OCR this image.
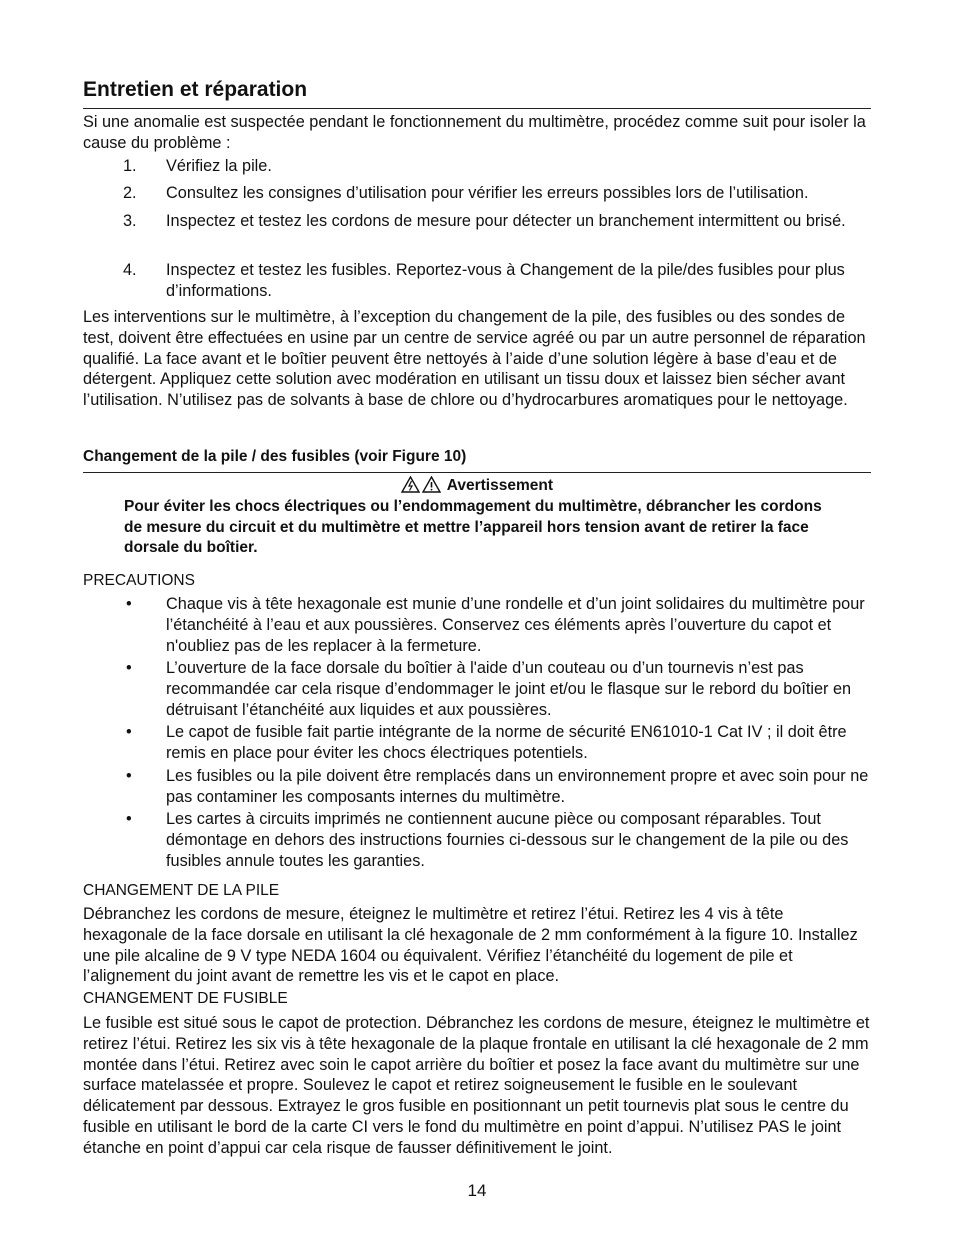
Entretien et réparation

Si une anomalie est suspectée pendant le fonctionnement du multimètre, procédez comme suit pour isoler la cause du problème :

1. Vérifiez la pile.
2. Consultez les consignes d’utilisation pour vérifier les erreurs possibles lors de l’utilisation.
3. Inspectez et testez les cordons de mesure pour détecter un branchement intermittent ou brisé.
4. Inspectez et testez les fusibles. Reportez-vous à Changement de la pile/des fusibles pour plus d’informations.

Les interventions sur le multimètre, à l’exception du changement de la pile, des fusibles ou des sondes de test, doivent être effectuées en usine par un centre de service agréé ou par un autre personnel de réparation qualifié. La face avant et le boîtier peuvent être nettoyés à l’aide d’une solution légère à base d’eau et de détergent. Appliquez cette solution avec modération en utilisant un tissu doux et laissez bien sécher avant l’utilisation. N’utilisez pas de solvants à base de chlore ou d’hydrocarbures aromatiques pour le nettoyage.

Changement de la pile / des fusibles (voir Figure 10)
Avertissement
Pour éviter les chocs électriques ou l’endommagement du multimètre, débrancher les cordons de mesure du circuit et du multimètre et mettre l’appareil hors tension avant de retirer la face dorsale du boîtier.
PRECAUTIONS
• Chaque vis à tête hexagonale est munie d’une rondelle et d’un joint solidaires du multimètre pour l’étanchéité à l’eau et aux poussières. Conservez ces éléments après l’ouverture du capot et n'oubliez pas de les replacer à la fermeture.
• L’ouverture de la face dorsale du boîtier à l'aide d’un couteau ou d’un tournevis n’est pas recommandée car cela risque d’endommager le joint et/ou le flasque sur le rebord du boîtier en détruisant l’étanchéité aux liquides et aux poussières.
• Le capot de fusible fait partie intégrante de la norme de sécurité EN61010-1 Cat IV ; il doit être remis en place pour éviter les chocs électriques potentiels.
• Les fusibles ou la pile doivent être remplacés dans un environnement propre et avec soin pour ne pas contaminer les composants internes du multimètre.
• Les cartes à circuits imprimés ne contiennent aucune pièce ou composant réparables. Tout démontage en dehors des instructions fournies ci-dessous sur le changement de la pile ou des fusibles annule toutes les garanties.
CHANGEMENT DE LA PILE

Débranchez les cordons de mesure, éteignez le multimètre et retirez l’étui. Retirez les 4 vis à tête hexagonale de la face dorsale en utilisant la clé hexagonale de 2 mm conformément à la figure 10. Installez une pile alcaline de 9 V type NEDA 1604 ou équivalent. Vérifiez l’étanchéité du logement de pile et l’alignement du joint avant de remettre les vis et le capot en place.

CHANGEMENT DE FUSIBLE

Le fusible est situé sous le capot de protection. Débranchez les cordons de mesure, éteignez le multimètre et retirez l’étui. Retirez les six vis à tête hexagonale de la plaque frontale en utilisant la clé hexagonale de 2 mm montée dans l’étui. Retirez avec soin le capot arrière du boîtier et posez la face avant du multimètre sur une surface matelassée et propre. Soulevez le capot et retirez soigneusement le fusible en le soulevant délicatement par dessous. Extrayez le gros fusible en positionnant un petit tournevis plat sous le centre du fusible en utilisant le bord de la carte CI vers le fond du multimètre en point d’appui. N’utilisez PAS le joint étanche en point d’appui car cela risque de fausser définitivement le joint.

14
